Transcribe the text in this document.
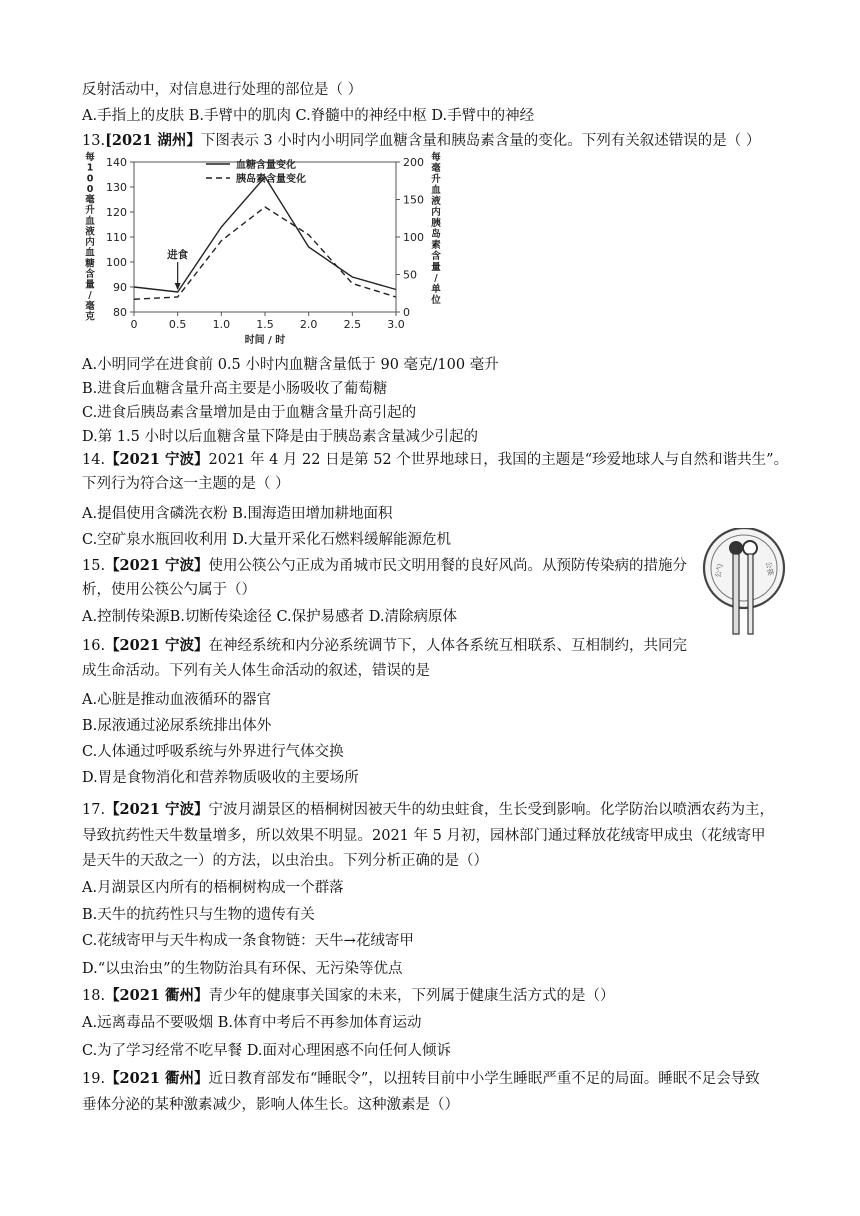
反射活动中，对信息进行处理的部位是（ ）
A.手指上的皮肤 B.手臂中的肌肉 C.脊髓中的神经中枢 D.手臂中的神经
13.[2021 湖州】下图表示 3 小时内小明同学血糖含量和胰岛素含量的变化。下列有关叙述错误的是（ ）
A.小明同学在进食前 0.5 小时内血糖含量低于 90 毫克/100 毫升
B.进食后血糖含量升高主要是小肠吸收了葡萄糖
C.进食后胰岛素含量增加是由于血糖含量升高引起的
D.第 1.5 小时以后血糖含量下降是由于胰岛素含量减少引起的
14.【2021 宁波】2021 年 4 月 22 日是第 52 个世界地球日，我国的主题是“珍爱地球人与自然和谐共生”。
下列行为符合这一主题的是（ ）
A.提倡使用含磷洗衣粉 B.围海造田增加耕地面积
C.空矿泉水瓶回收利用 D.大量开采化石燃料缓解能源危机
15.【2021 宁波】使用公筷公勺正成为甬城市民文明用餐的良好风尚。从预防传染病的措施分
析，使用公筷公勺属于（）
A.控制传染源B.切断传染途径 C.保护易感者 D.清除病原体
16.【2021 宁波】在神经系统和内分泌系统调节下，人体各系统互相联系、互相制约，共同完
成生命活动。下列有关人体生命活动的叙述，错误的是
A.心脏是推动血液循环的器官
B.尿液通过泌尿系统排出体外
C.人体通过呼吸系统与外界进行气体交换
D.胃是食物消化和营养物质吸收的主要场所
17.【2021 宁波】宁波月湖景区的梧桐树因被天牛的幼虫蛀食，生长受到影响。化学防治以喷洒农药为主，
导致抗药性天牛数量增多，所以效果不明显。2021 年 5 月初，园林部门通过释放花绒寄甲成虫（花绒寄甲
是天牛的天敌之一）的方法，以虫治虫。下列分析正确的是（）
A.月湖景区内所有的梧桐树构成一个群落
B.天牛的抗药性只与生物的遗传有关
C.花绒寄甲与天牛构成一条食物链：天牛→花绒寄甲
D.“以虫治虫”的生物防治具有环保、无污染等优点
18.【2021 衢州】青少年的健康事关国家的未来，下列属于健康生活方式的是（）
A.远离毒品不要吸烟 B.体育中考后不再参加体育运动
C.为了学习经常不吃早餐 D.面对心理困惑不向任何人倾诉
19.【2021 衢州】近日教育部发布“睡眠令”，以扭转目前中小学生睡眠严重不足的局面。睡眠不足会导致
垂体分泌的某种激素减少，影响人体生长。这种激素是（）
80
90
100
110
120
130
140
0
50
100
150
200
0	0.5 1.0 1.5 2.0 2.5 3.0
时间 / 时
每
1
0
0
毫
升
血
液
内
血
糖
含
量
/
毫
克
每
毫
升
血
液
内
胰
岛
素
含
量
/
单
位
血糖含量变化
胰岛素含量变化
进食
公勺	公筷
